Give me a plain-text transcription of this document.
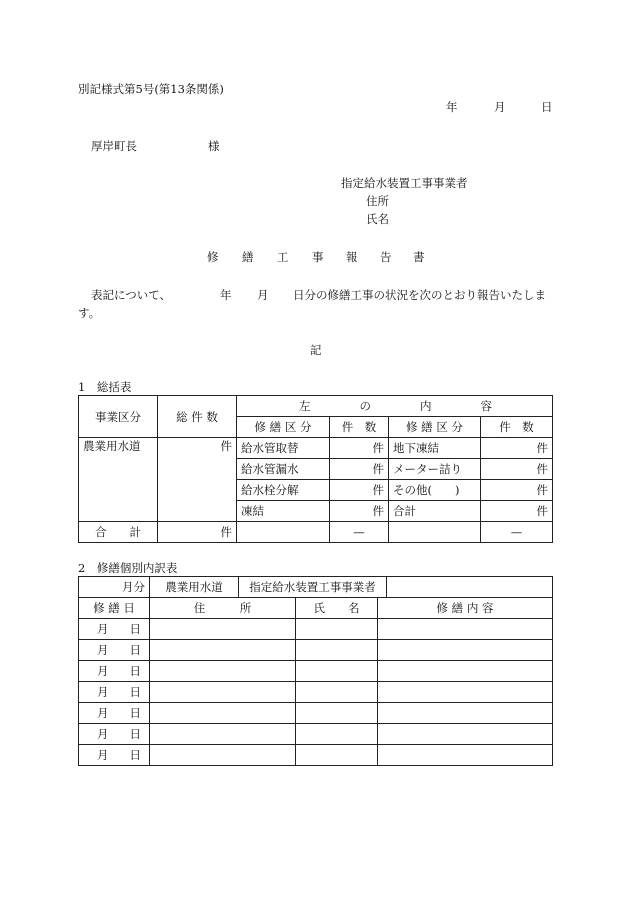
別記様式第5号(第13条関係)
年	月	日
厚岸町長	様
指定給水装置工事事業者
住所
氏名
修 繕 工 事 報 告 書
表記について、	年 月 日分の修繕工事の状況を次のとおり報告いたしま
す。
記
1　総括表
事業区分	総 件 数	左 の 内 容			

		修 繕 区 分	件　数	修 繕 区 分	件　数
農業用水道	件	給水管取替	件	地下凍結	件
		給水管漏水	件	メーター詰り	件
		給水栓分解	件	その他(　　)	件
		凍結	件	合計	件
合　　計	件		—		—
2　修繕個別内訳表
月分	農業用水道	指定給水装置工事事業者	
修 繕 日	住　　　所	氏　　名	修 繕 内 容
月 日			

月 日			

月 日			

月 日			

月 日			

月 日			

月 日			
